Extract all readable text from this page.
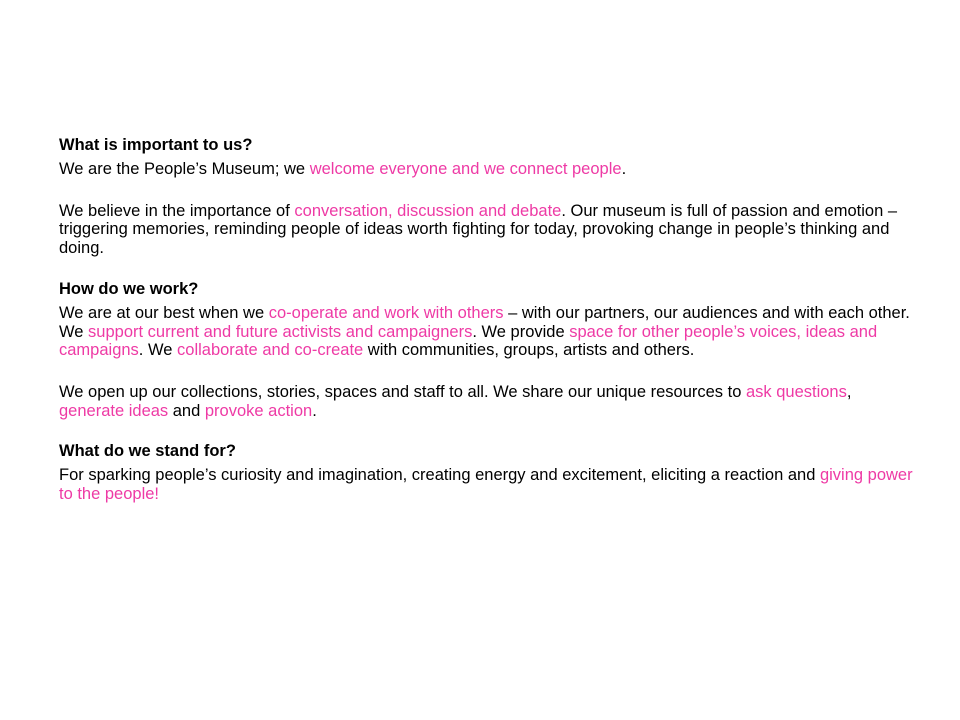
What is important to us?

We are the People’s Museum; we welcome everyone and we connect people.

We believe in the importance of conversation, discussion and debate. Our museum is full of passion and emotion – triggering memories, reminding people of ideas worth fighting for today, provoking change in people’s thinking and doing.

How do we work?

We are at our best when we co-operate and work with others – with our partners, our audiences and with each other. We support current and future activists and campaigners. We provide space for other people’s voices, ideas and campaigns. We collaborate and co-create with communities, groups, artists and others.

We open up our collections, stories, spaces and staff to all. We share our unique resources to ask questions, generate ideas and provoke action.

What do we stand for?

For sparking people’s curiosity and imagination, creating energy and excitement, eliciting a reaction and giving power to the people!
